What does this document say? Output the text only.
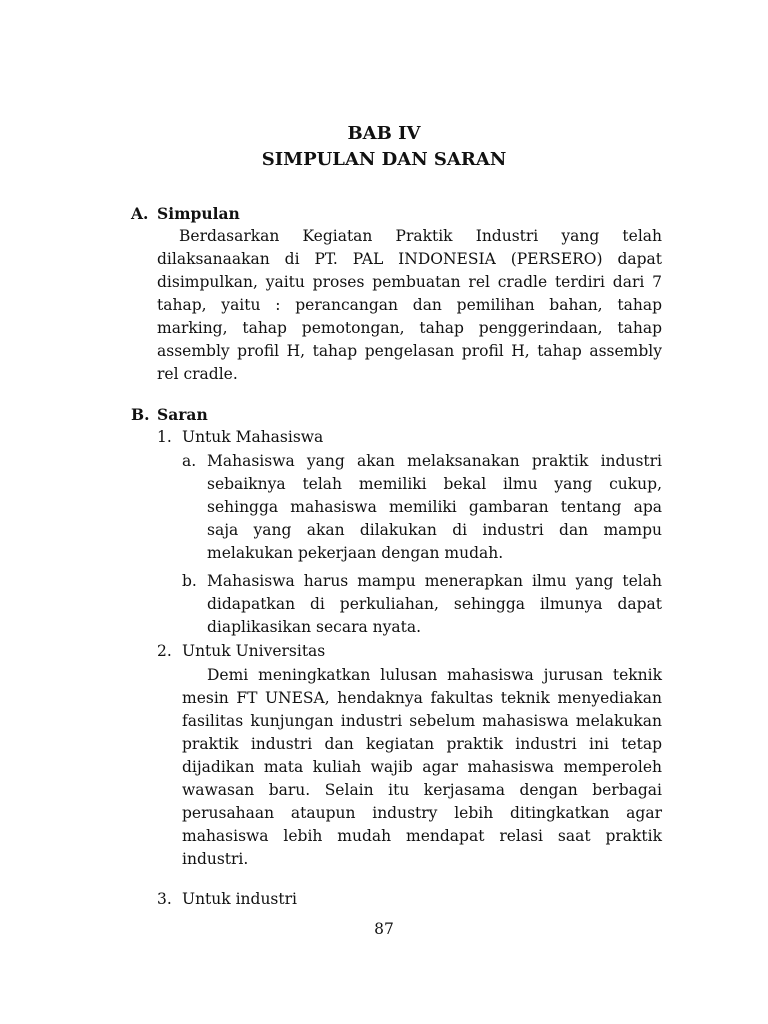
BAB IV
SIMPULAN DAN SARAN
A. Simpulan

Berdasarkan Kegiatan Praktik Industri yang telah dilaksanaakan di PT. PAL INDONESIA (PERSERO) dapat disimpulkan, yaitu proses pembuatan rel cradle terdiri dari 7 tahap, yaitu : perancangan dan pemilihan bahan, tahap marking, tahap pemotongan, tahap penggerindaan, tahap assembly profil H, tahap pengelasan profil H, tahap assembly rel cradle.

B. Saran
1. Untuk Mahasiswa
a. Mahasiswa yang akan melaksanakan praktik industri sebaiknya telah memiliki bekal ilmu yang cukup, sehingga mahasiswa memiliki gambaran tentang apa saja yang akan dilakukan di industri dan mampu melakukan pekerjaan dengan mudah.

b. Mahasiswa harus mampu menerapkan ilmu yang telah didapatkan di perkuliahan, sehingga ilmunya dapat diaplikasikan secara nyata.

2. Untuk Universitas

Demi meningkatkan lulusan mahasiswa jurusan teknik mesin FT UNESA, hendaknya fakultas teknik menyediakan fasilitas kunjungan industri sebelum mahasiswa melakukan praktik industri dan kegiatan praktik industri ini tetap dijadikan mata kuliah wajib agar mahasiswa memperoleh wawasan baru. Selain itu kerjasama dengan berbagai perusahaan ataupun industry lebih ditingkatkan agar mahasiswa lebih mudah mendapat relasi saat praktik industri.

3. Untuk industri
87
